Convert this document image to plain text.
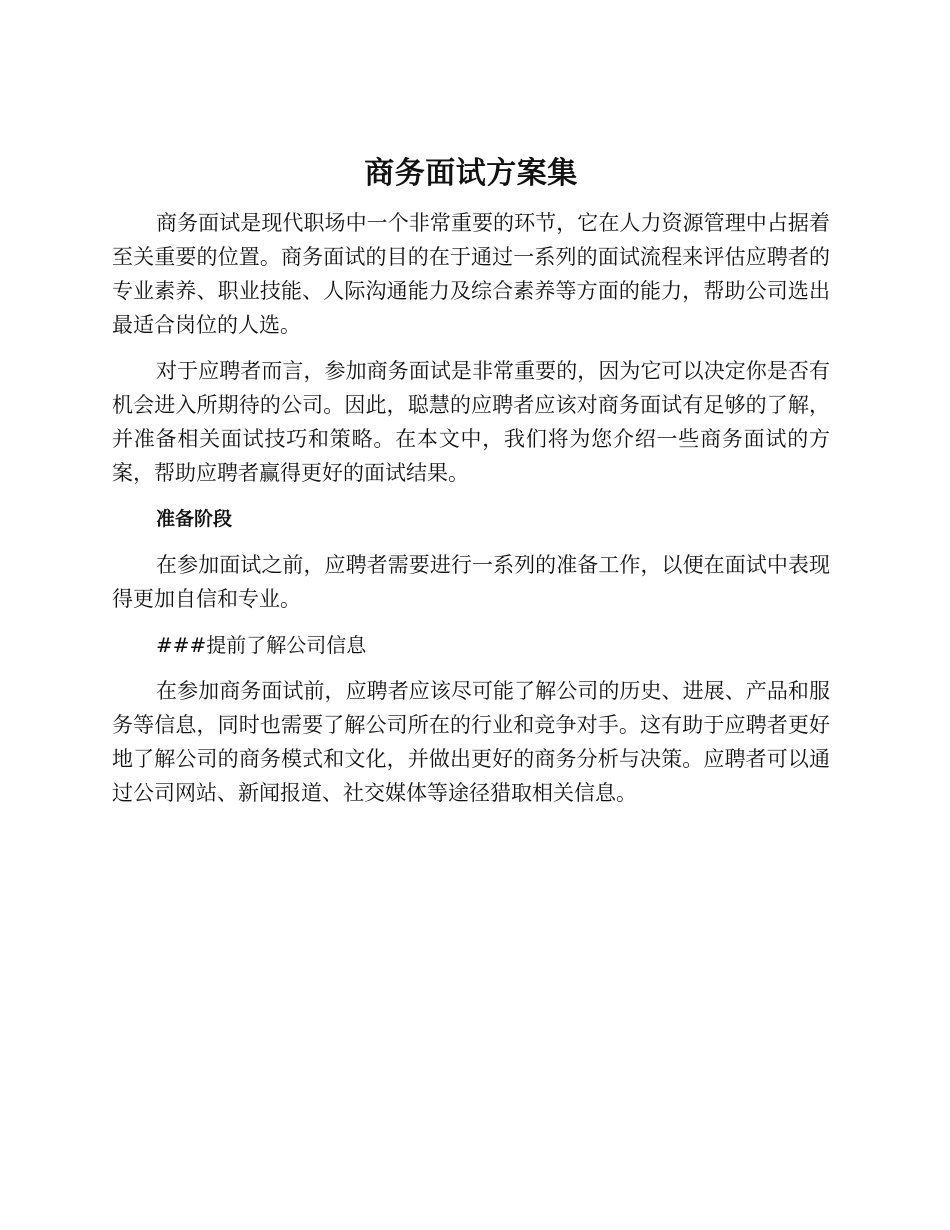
商务面试方案集

商务面试是现代职场中一个非常重要的环节，它在人力资源管理中占据着至关重要的位置。商务面试的目的在于通过一系列的面试流程来评估应聘者的专业素养、职业技能、人际沟通能力及综合素养等方面的能力，帮助公司选出最适合岗位的人选。

对于应聘者而言，参加商务面试是非常重要的，因为它可以决定你是否有机会进入所期待的公司。因此，聪慧的应聘者应该对商务面试有足够的了解，并准备相关面试技巧和策略。在本文中，我们将为您介绍一些商务面试的方案，帮助应聘者赢得更好的面试结果。

准备阶段

在参加面试之前，应聘者需要进行一系列的准备工作，以便在面试中表现得更加自信和专业。

###提前了解公司信息

在参加商务面试前，应聘者应该尽可能了解公司的历史、进展、产品和服务等信息，同时也需要了解公司所在的行业和竞争对手。这有助于应聘者更好地了解公司的商务模式和文化，并做出更好的商务分析与决策。应聘者可以通过公司网站、新闻报道、社交媒体等途径猎取相关信息。
